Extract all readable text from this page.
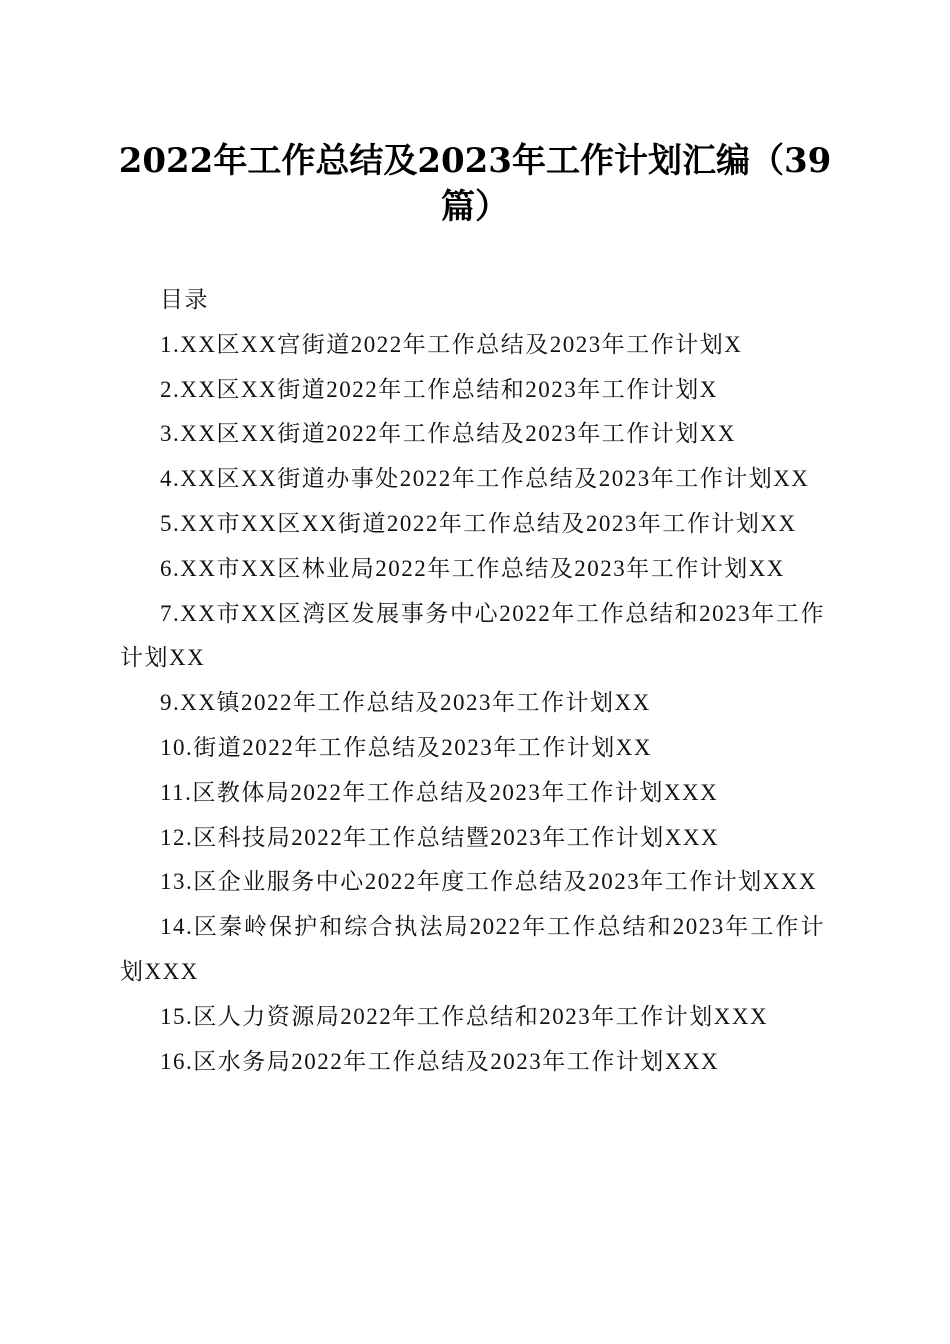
2022年工作总结及2023年工作计划汇编（39篇）

目录

1.XX区XX宫街道2022年工作总结及2023年工作计划X

2.XX区XX街道2022年工作总结和2023年工作计划X

3.XX区XX街道2022年工作总结及2023年工作计划XX

4.XX区XX街道办事处2022年工作总结及2023年工作计划XX

5.XX市XX区XX街道2022年工作总结及2023年工作计划XX

6.XX市XX区林业局2022年工作总结及2023年工作计划XX

7.XX市XX区湾区发展事务中心2022年工作总结和2023年工作计划XX

9.XX镇2022年工作总结及2023年工作计划XX

10.街道2022年工作总结及2023年工作计划XX

11.区教体局2022年工作总结及2023年工作计划XXX

12.区科技局2022年工作总结暨2023年工作计划XXX

13.区企业服务中心2022年度工作总结及2023年工作计划XXX

14.区秦岭保护和综合执法局2022年工作总结和2023年工作计划XXX

15.区人力资源局2022年工作总结和2023年工作计划XXX

16.区水务局2022年工作总结及2023年工作计划XXX
